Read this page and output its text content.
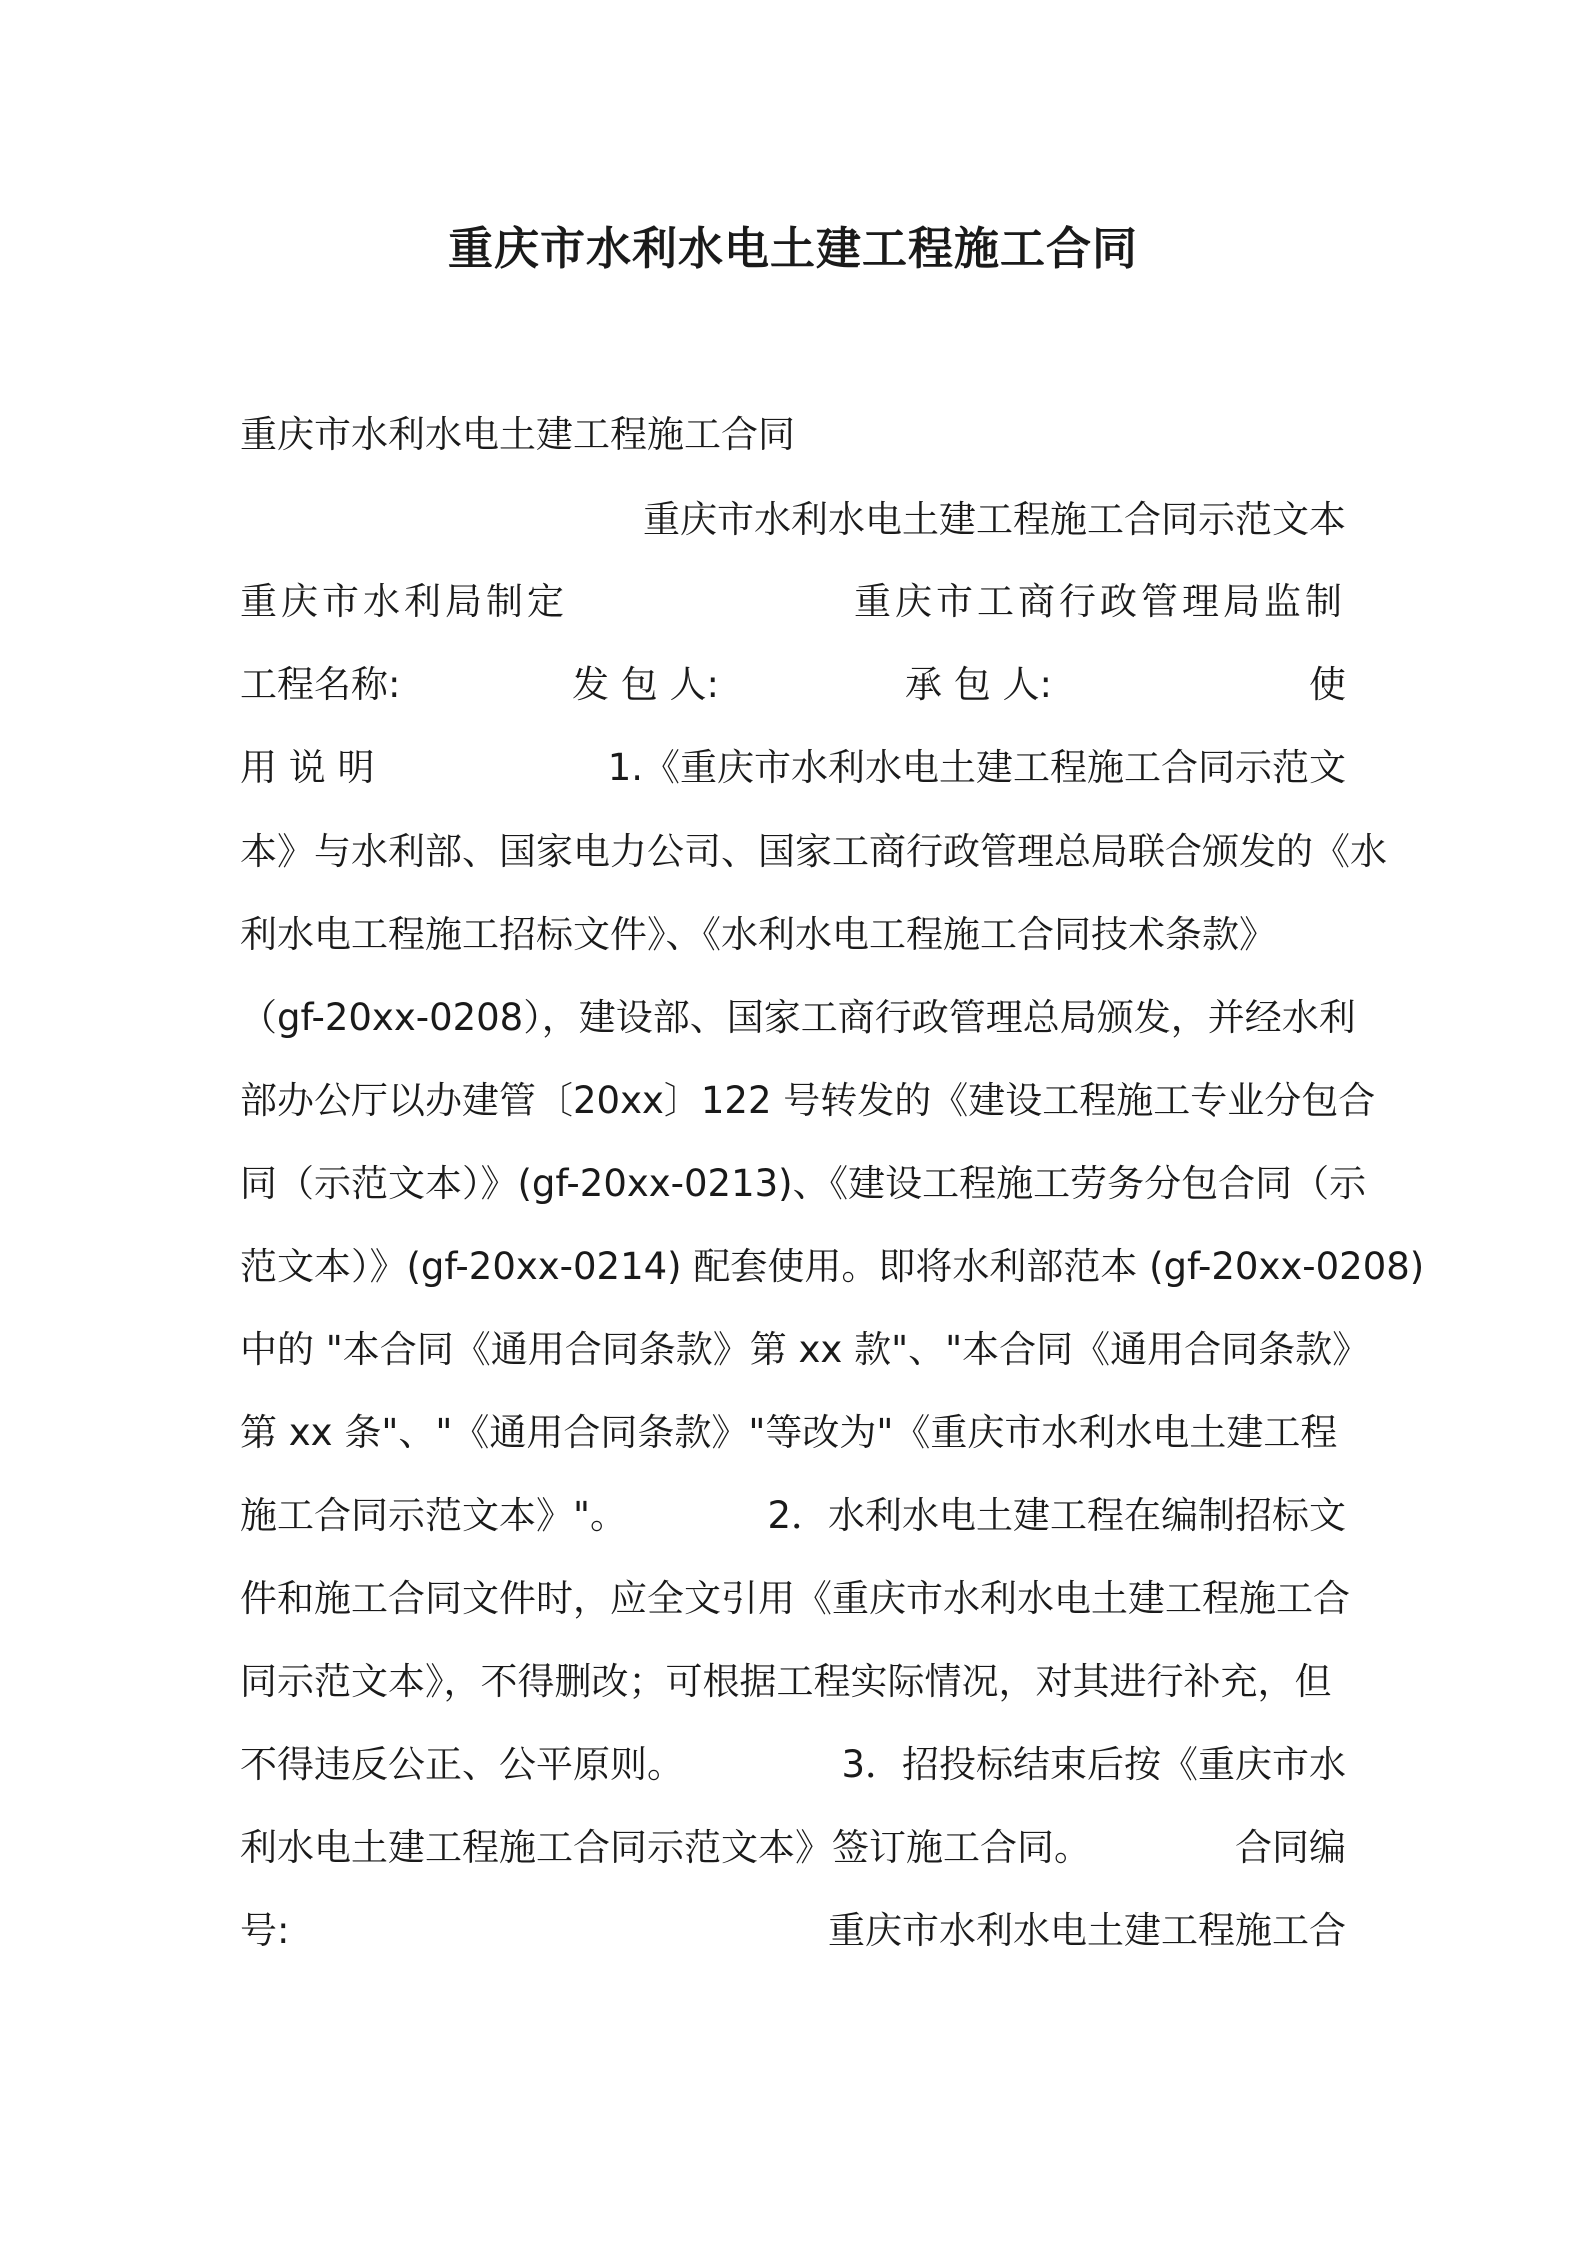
重庆市水利水电土建工程施工合同

重庆市水利水电土建工程施工合同

重庆市水利水电土建工程施工合同示范文本

重庆市水利局制定	重庆市工商行政管理局监制
工程名称:	发 包 人:	承 包 人:	使
用 说 明	1.《重庆市水利水电土建工程施工合同示范文

本》与水利部、国家电力公司、国家工商行政管理总局联合颁发的《水

利水电工程施工招标文件》、《水利水电工程施工合同技术条款》

（gf-20xx-0208），建设部、国家工商行政管理总局颁发，并经水利

部办公厅以办建管〔20xx〕122 号转发的《建设工程施工专业分包合

同（示范文本）》(gf-20xx-0213)、《建设工程施工劳务分包合同（示

范文本）》(gf-20xx-0214) 配套使用。即将水利部范本 (gf-20xx-0208)

中的 "本合同《通用合同条款》第 xx 款"、"本合同《通用合同条款》

第 xx 条"、"《通用合同条款》"等改为"《重庆市水利水电土建工程

施工合同示范文本》"。	2．水利水电土建工程在编制招标文

件和施工合同文件时，应全文引用《重庆市水利水电土建工程施工合

同示范文本》，不得删改；可根据工程实际情况，对其进行补充，但

不得违反公正、公平原则。	3．招投标结束后按《重庆市水
利水电土建工程施工合同示范文本》签订施工合同。	合同编
号:	重庆市水利水电土建工程施工合
